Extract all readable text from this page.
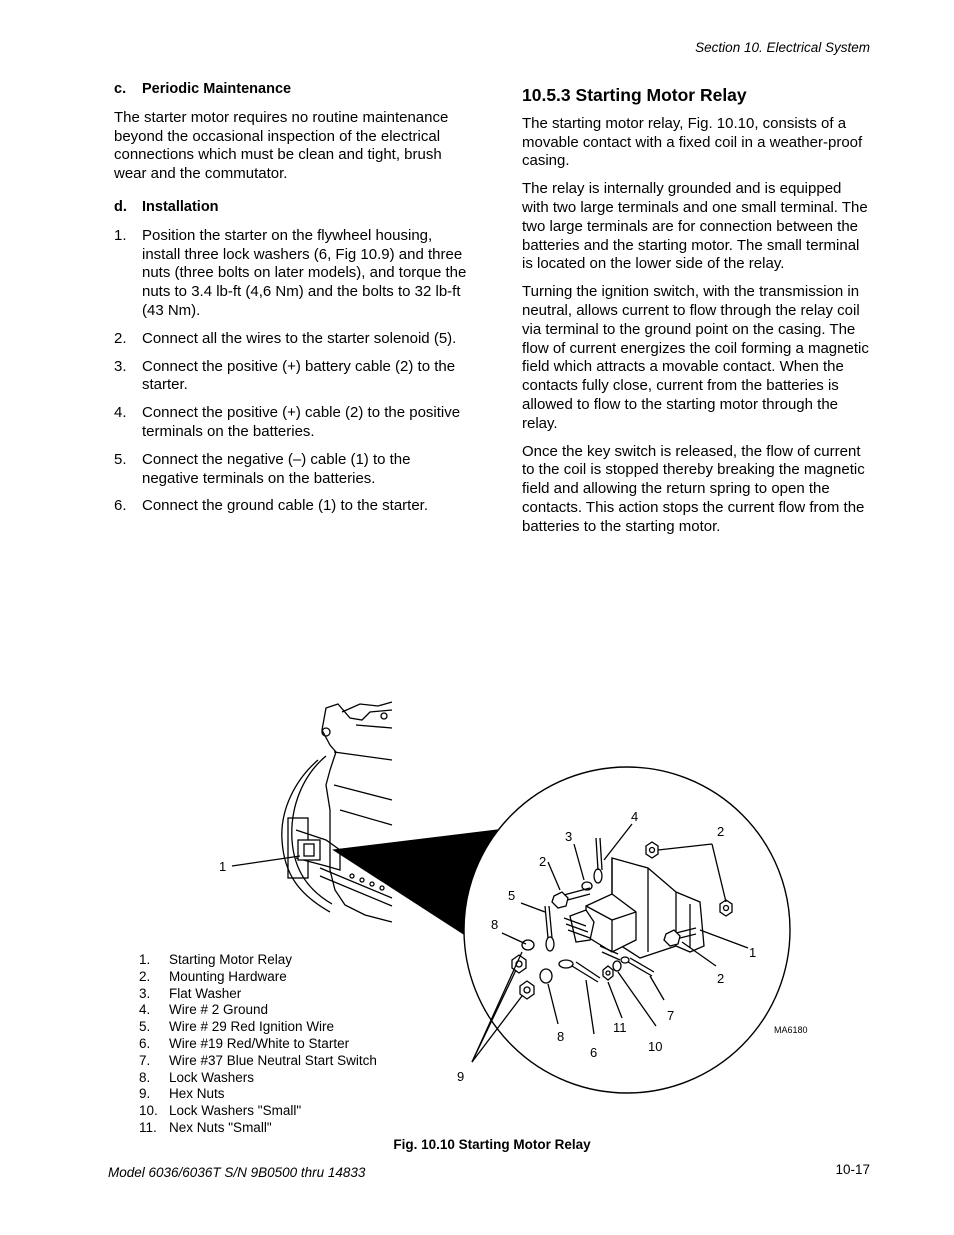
Section 10. Electrical System
c.	Periodic Maintenance

The starter motor requires no routine maintenance beyond the occasional inspection of the electrical connections which must be clean and tight, brush wear and the commutator.

d.	Installation
1.	Position the starter on the flywheel housing, install three lock washers (6, Fig 10.9) and three nuts (three bolts on later models), and torque the nuts to 3.4 lb-ft (4,6 Nm) and the bolts to 32 lb-ft (43 Nm).
2.	Connect all the wires to the starter solenoid (5).
3.	Connect the positive (+) battery cable (2) to the starter.
4.	Connect the positive (+) cable (2) to the positive terminals on the batteries.
5.	Connect the negative (–) cable (1) to the negative terminals on the batteries.
6.	Connect the ground cable (1) to the starter.
10.5.3 Starting Motor Relay

The starting motor relay, Fig. 10.10, consists of a movable contact with a fixed coil in a weather-proof casing.

The relay is internally grounded and is equipped with two large terminals and one small terminal. The two large terminals are for connection between the batteries and the starting motor. The small terminal is located on the lower side of the relay.

Turning the ignition switch, with the transmission in neutral, allows current to flow through the relay coil via terminal to the ground point on the casing. The flow of current energizes the coil forming a magnetic field which attracts a movable contact. When the contacts fully close, current from the batteries is allowed to flow to the starting motor through the relay.

Once the key switch is released, the flow of current to the coil is stopped thereby breaking the magnetic field and allowing the return spring to open the contacts. This action stops the current flow from the batteries to the starting motor.

1
4
3	2
2
5
8
1
2
7
11
8
10
6
9
MA6180
1.	Starting Motor Relay
2.	Mounting Hardware
3.	Flat Washer
4.	Wire # 2 Ground
5.	Wire # 29 Red Ignition Wire
6.	Wire #19 Red/White to Starter
7.	Wire #37 Blue Neutral Start Switch
8.	Lock Washers
9.	Hex Nuts
10. Lock Washers "Small"
11. Nex Nuts "Small"
Fig. 10.10 Starting Motor Relay
Model 6036/6036T S/N 9B0500 thru 14833	10-17
